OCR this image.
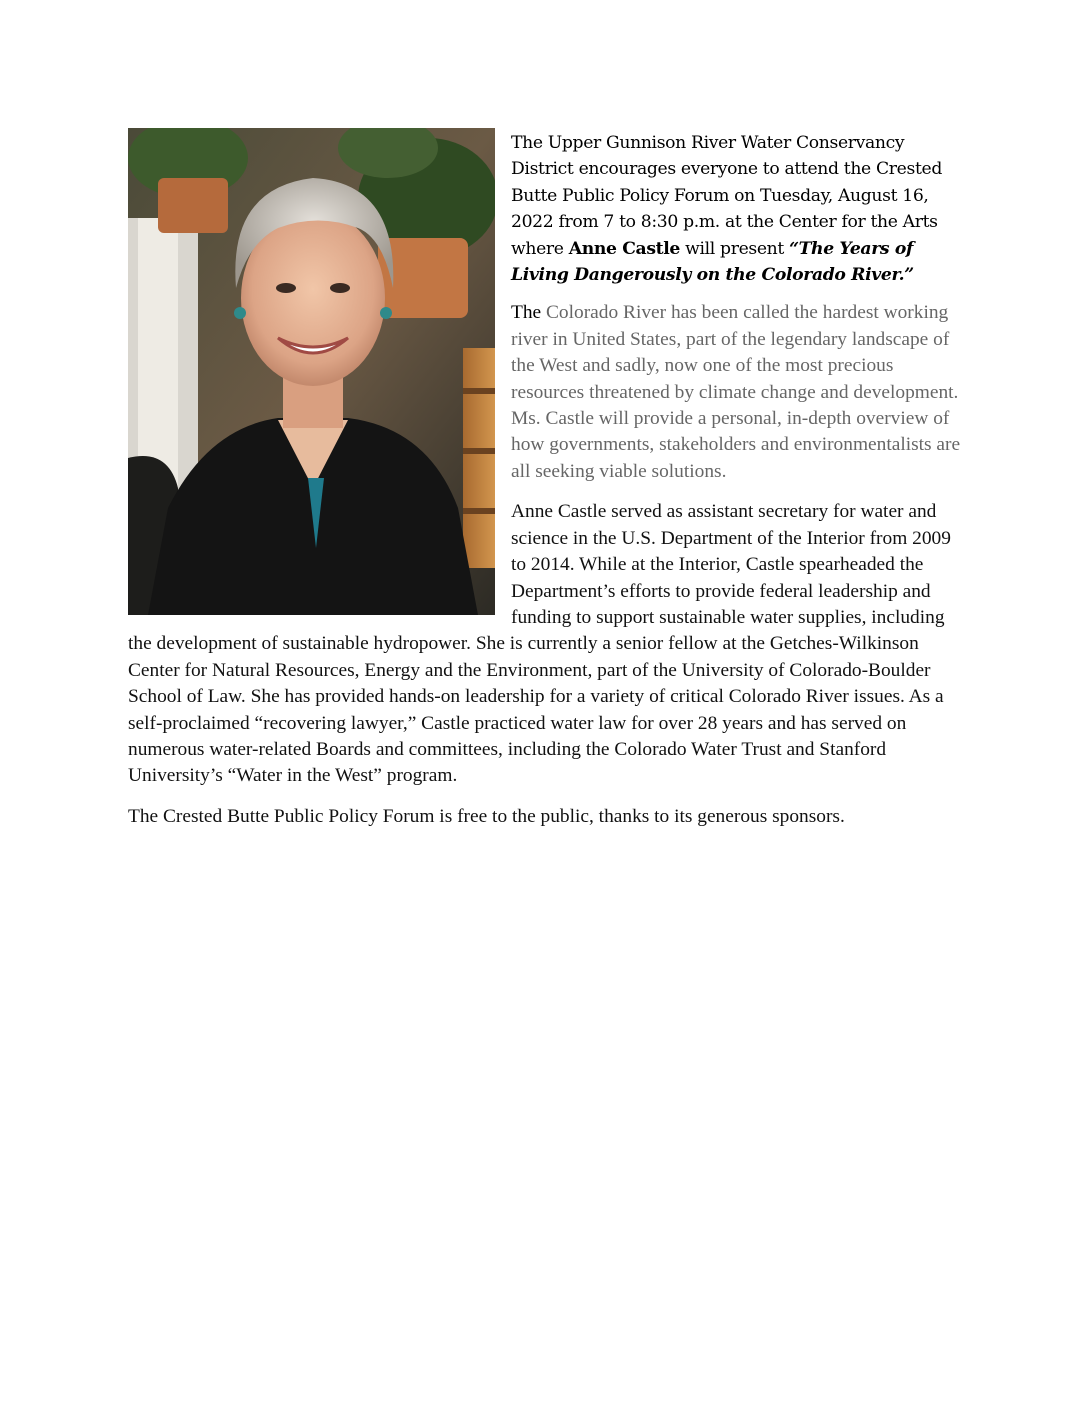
The Upper Gunnison River Water Conservancy District encourages everyone to attend the Crested Butte Public Policy Forum on Tuesday, August 16, 2022 from 7 to 8:30 p.m. at the Center for the Arts where Anne Castle will present “The Years of Living Dangerously on the Colorado River.”

The Colorado River has been called the hardest working river in United States, part of the legendary landscape of the West and sadly, now one of the most precious resources threatened by climate change and development. Ms. Castle will provide a personal, in-depth overview of how governments, stakeholders and environmentalists are all seeking viable solutions.

Anne Castle served as assistant secretary for water and science in the U.S. Department of the Interior from 2009 to 2014. While at the Interior, Castle spearheaded the Department’s efforts to provide federal leadership and funding to support sustainable water supplies, including the development of sustainable hydropower. She is currently a senior fellow at the Getches-Wilkinson Center for Natural Resources, Energy and the Environment, part of the University of Colorado-Boulder School of Law. She has provided hands-on leadership for a variety of critical Colorado River issues. As a self-proclaimed “recovering lawyer,” Castle practiced water law for over 28 years and has served on numerous water-related Boards and committees, including the Colorado Water Trust and Stanford University’s “Water in the West” program.

The Crested Butte Public Policy Forum is free to the public, thanks to its generous sponsors.
